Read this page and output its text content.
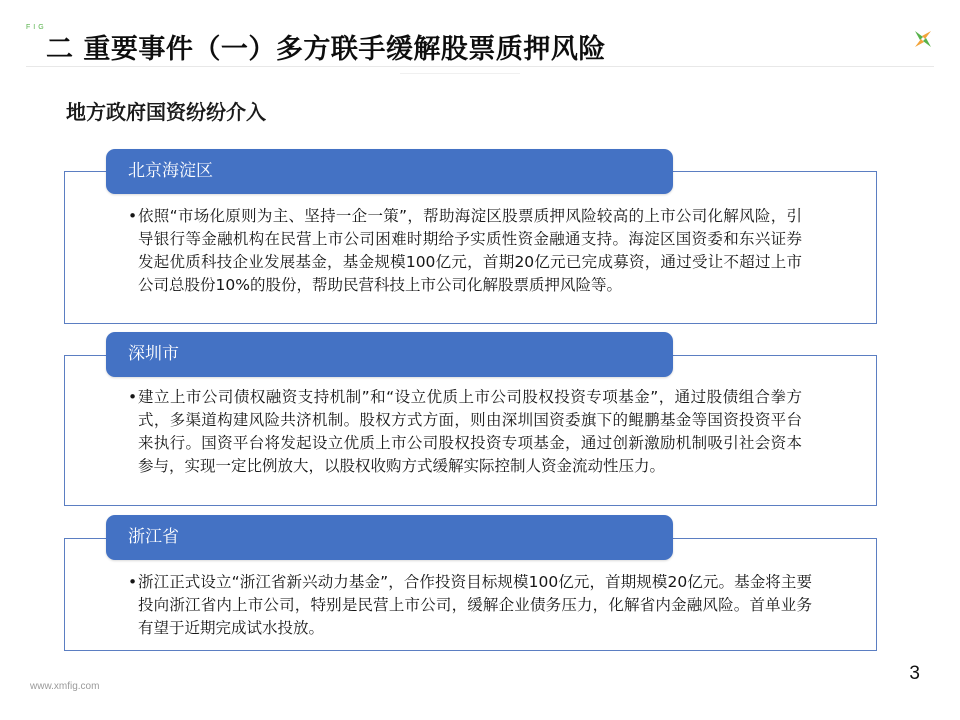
FIG
二 重要事件（一）多方联手缓解股票质押风险
地方政府国资纷纷介入

• 依照“市场化原则为主、坚持一企一策”，帮助海淀区股票质押风险较高的上市公司化解风险，引导银行等金融机构在民营上市公司困难时期给予实质性资金融通支持。海淀区国资委和东兴证券发起优质科技企业发展基金，基金规模100亿元，首期20亿元已完成募资，通过受让不超过上市公司总股份10%的股份，帮助民营科技上市公司化解股票质押风险等。

北京海淀区

• 建立上市公司债权融资支持机制”和“设立优质上市公司股权投资专项基金”，通过股债组合拳方式，多渠道构建风险共济机制。股权方式方面，则由深圳国资委旗下的鲲鹏基金等国资投资平台来执行。国资平台将发起设立优质上市公司股权投资专项基金，通过创新激励机制吸引社会资本参与，实现一定比例放大，以股权收购方式缓解实际控制人资金流动性压力。

深圳市

• 浙江正式设立“浙江省新兴动力基金”，合作投资目标规模100亿元，首期规模20亿元。基金将主要投向浙江省内上市公司，特别是民营上市公司，缓解企业债务压力，化解省内金融风险。首单业务有望于近期完成试水投放。

浙江省
www.xmfig.com
3
